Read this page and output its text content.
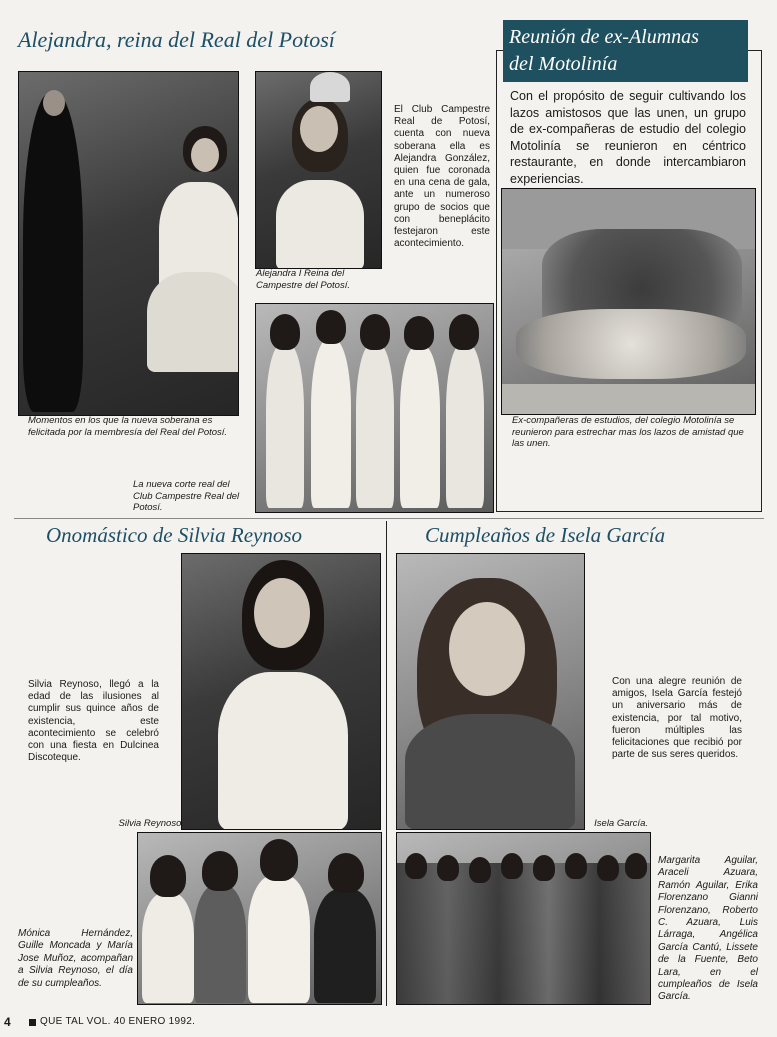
Alejandra, reina del Real del Potosí
Momentos en los que la nueva soberana es felicitada por la membresía del Real del Potosí.
Alejandra I Reina del Campestre del Potosí.
El Club Campestre Real de Potosí, cuenta con nueva soberana ella es Alejandra González, quien fue coronada en una cena de gala, ante un numeroso grupo de socios que con beneplácito festejaron este acontecimiento.
La nueva corte real del Club Campestre Real del Potosí.
Reunión de ex-Alumnas
del Motolinía
Con el propósito de seguir cultivando los lazos amistosos que las unen, un grupo de ex-compañeras de estudio del colegio Motolinía se reunieron en céntrico restaurante, en donde intercambiaron experiencias.
Ex-compañeras de estudios, del colegio Motolinía se reunieron para estrechar mas los lazos de amistad que las unen.
Onomástico de Silvia Reynoso
Silvia Reynoso, llegó a la edad de las ilusiones al cumplir sus quince años de existencia, este acontecimiento se celebró con una fiesta en Dulcinea Discoteque.
Silvia Reynoso.
Mónica Hernández, Guille Moncada y María Jose Muñoz, acompañan a Silvia Reynoso, el día de su cumpleaños.
Cumpleaños de Isela García
Con una alegre reunión de amigos, Isela García festejó un aniversario más de existencia, por tal motivo, fueron múltiples las felicitaciones que recibió por parte de sus seres queridos.
Isela García.
Margarita Aguilar, Araceli Azuara, Ramón Aguilar, Erika Florenzano Gianni Florenzano, Roberto C. Azuara, Luis Lárraga, Angélica García Cantú, Lissete de la Fuente, Beto Lara, en el cumpleaños de Isela García.
4	QUE TAL VOL. 40 ENERO 1992.
